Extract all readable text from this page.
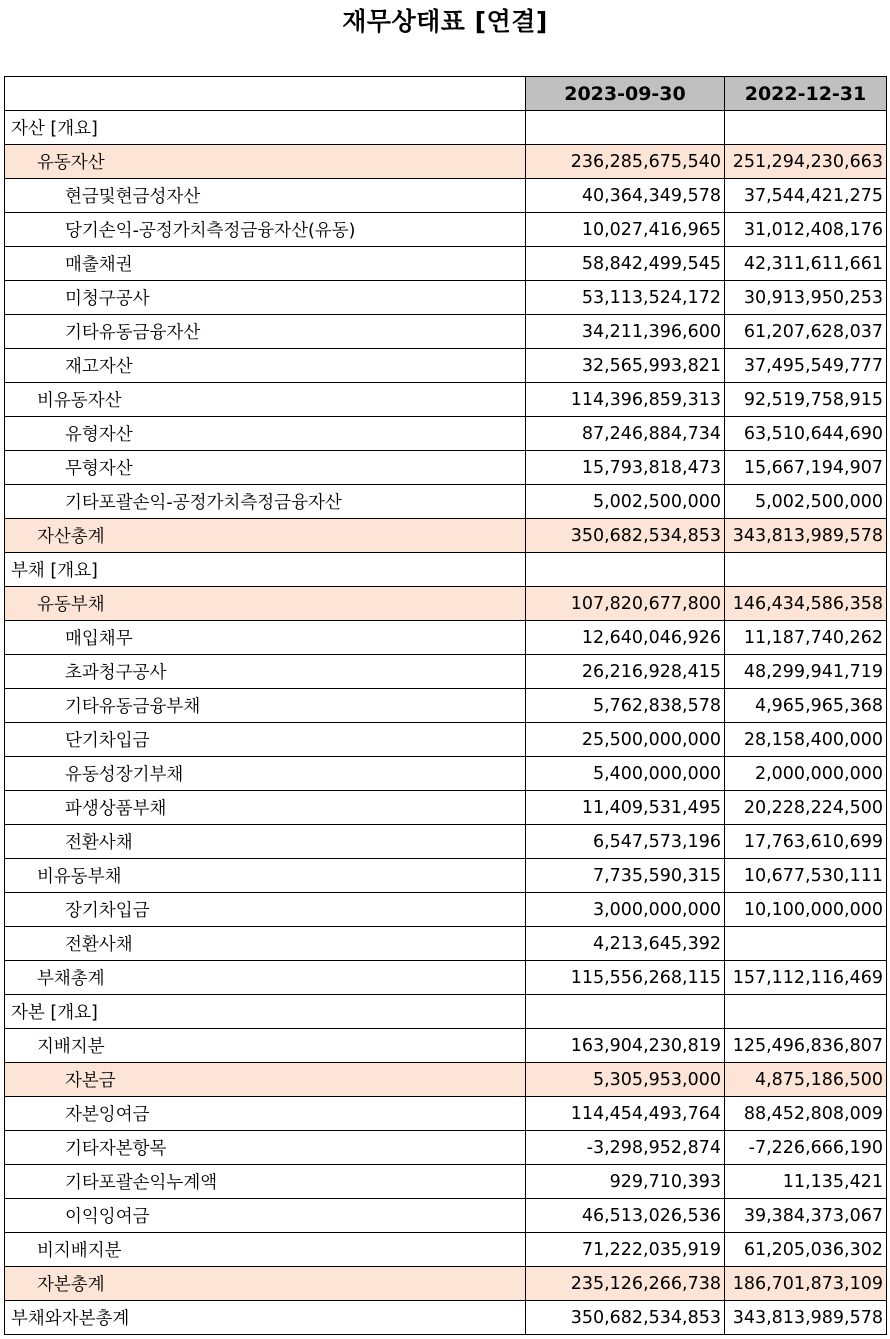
재무상태표 [연결]
	2023-09-30	2022-12-31
자산 [개요]		
유동자산	236,285,675,540	251,294,230,663
현금및현금성자산	40,364,349,578	37,544,421,275
당기손익-공정가치측정금융자산(유동)	10,027,416,965	31,012,408,176
매출채권	58,842,499,545	42,311,611,661
미청구공사	53,113,524,172	30,913,950,253
기타유동금융자산	34,211,396,600	61,207,628,037
재고자산	32,565,993,821	37,495,549,777
비유동자산	114,396,859,313	92,519,758,915
유형자산	87,246,884,734	63,510,644,690
무형자산	15,793,818,473	15,667,194,907
기타포괄손익-공정가치측정금융자산	5,002,500,000	5,002,500,000
자산총계	350,682,534,853	343,813,989,578
부채 [개요]		
유동부채	107,820,677,800	146,434,586,358
매입채무	12,640,046,926	11,187,740,262
초과청구공사	26,216,928,415	48,299,941,719
기타유동금융부채	5,762,838,578	4,965,965,368
단기차입금	25,500,000,000	28,158,400,000
유동성장기부채	5,400,000,000	2,000,000,000
파생상품부채	11,409,531,495	20,228,224,500
전환사채	6,547,573,196	17,763,610,699
비유동부채	7,735,590,315	10,677,530,111
장기차입금	3,000,000,000	10,100,000,000
전환사채	4,213,645,392	
부채총계	115,556,268,115	157,112,116,469
자본 [개요]		
지배지분	163,904,230,819	125,496,836,807
자본금	5,305,953,000	4,875,186,500
자본잉여금	114,454,493,764	88,452,808,009
기타자본항목	-3,298,952,874	-7,226,666,190
기타포괄손익누계액	929,710,393	11,135,421
이익잉여금	46,513,026,536	39,384,373,067
비지배지분	71,222,035,919	61,205,036,302
자본총계	235,126,266,738	186,701,873,109
부채와자본총계	350,682,534,853	343,813,989,578
